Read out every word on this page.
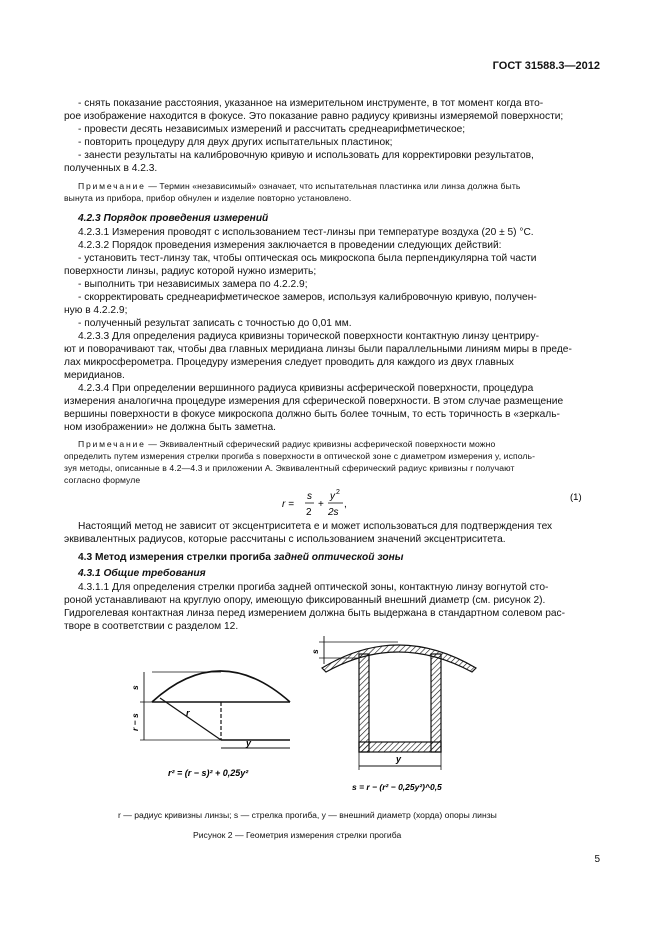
ГОСТ 31588.3—2012
- снять показание расстояния, указанное на измерительном инструменте, в тот момент когда вто-
рое изображение находится в фокусе. Это показание равно радиусу кривизны измеряемой поверхности;
- провести десять независимых измерений и рассчитать среднеарифметическое;
- повторить процедуру для двух других испытательных пластинок;
- занести результаты на калибровочную кривую и использовать для корректировки результатов,
полученных в 4.2.3.
Примечание — Термин «независимый» означает, что испытательная пластинка или линза должна быть
вынута из прибора, прибор обнулен и изделие повторно установлено.
4.2.3 Порядок проведения измерений
4.2.3.1 Измерения проводят с использованием тест-линзы при температуре воздуха (20 ± 5) °С.
4.2.3.2 Порядок проведения измерения заключается в проведении следующих действий:
- установить тест-линзу так, чтобы оптическая ось микроскопа была перпендикулярна той части
поверхности линзы, радиус которой нужно измерить;
- выполнить три независимых замера по 4.2.2.9;
- скорректировать среднеарифметическое замеров, используя калибровочную кривую, получен-
ную в 4.2.2.9;
- полученный результат записать с точностью до 0,01 мм.
4.2.3.3 Для определения радиуса кривизны торической поверхности контактную линзу центриру-
ют и поворачивают так, чтобы два главных меридиана линзы были параллельными линиям миры в преде-
лах микросферометра. Процедуру измерения следует проводить для каждого из двух главных
меридианов.
4.2.3.4 При определении вершинного радиуса кривизны асферической поверхности, процедура
измерения аналогична процедуре измерения для сферической поверхности. В этом случае размещение
вершины поверхности в фокусе микроскопа должно быть более точным, то есть торичность в «зеркаль-
ном изображении» не должна быть заметна.
Примечание — Эквивалентный сферический радиус кривизны асферической поверхности можно
определить путем измерения стрелки прогиба s поверхности в оптической зоне с диаметром измерения y, исполь-
зуя методы, описанные в 4.2—4.3 и приложении А. Эквивалентный сферический радиус кривизны r получают
согласно формуле
r =
s
2
+
y 2
2s
,
(1)
Настоящий метод не зависит от эксцентриситета e и может использоваться для подтверждения тех
эквивалентных радиусов, которые рассчитаны с использованием значений эксцентриситета.
4.3 Метод измерения стрелки прогиба задней оптической зоны
4.3.1 Общие требования
4.3.1.1 Для определения стрелки прогиба задней оптической зоны, контактную линзу вогнутой сто-
роной устанавливают на круглую опору, имеющую фиксированный внешний диаметр (см. рисунок 2).
Гидрогелевая контактная линза перед измерением должна быть выдержана в стандартном солевом рас-
творе в соответствии с разделом 12.
s
r − s
r
y
r² = (r − s)² + 0,25y²
s
y
s = r − (r² − 0,25y²)^0,5
r — радиус кривизны линзы; s — стрелка прогиба, y — внешний диаметр (хорда) опоры линзы
Рисунок 2 — Геометрия измерения стрелки прогиба
5
